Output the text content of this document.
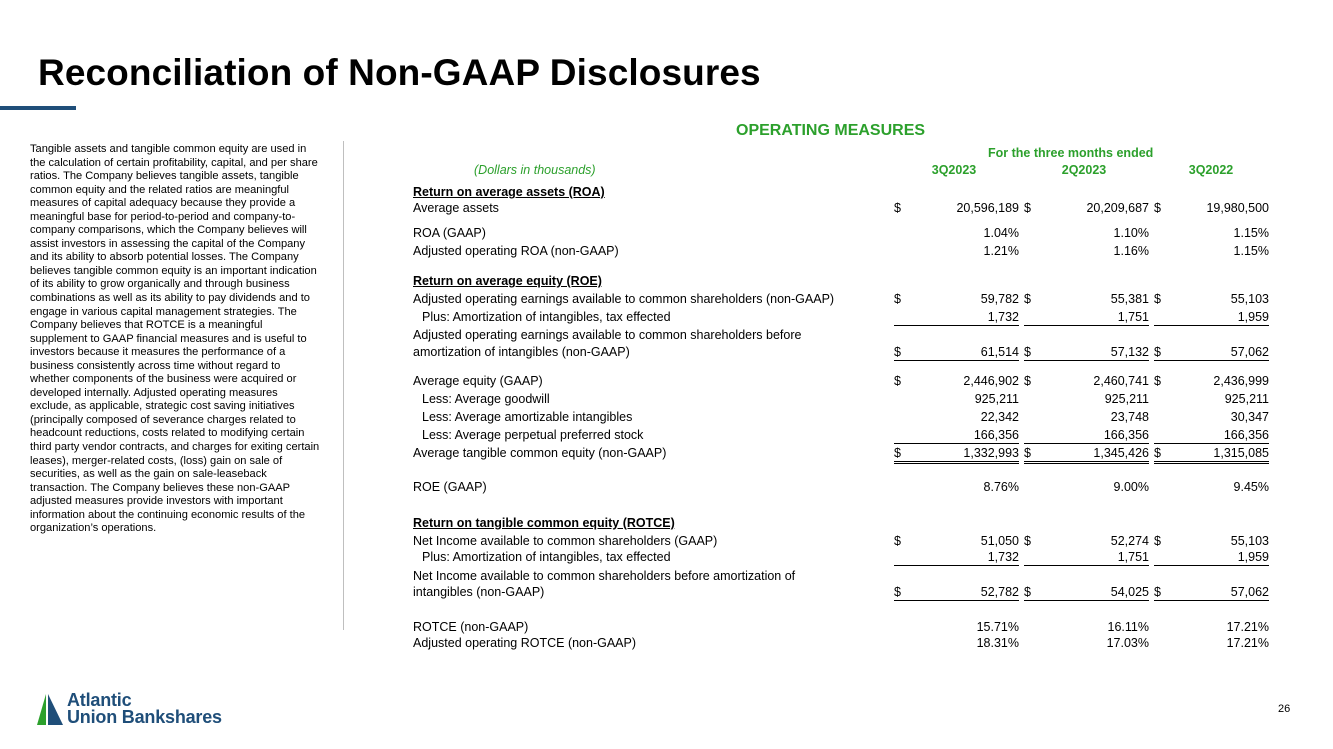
Reconciliation of Non-GAAP Disclosures
Tangible assets and tangible common equity are used in the calculation of certain profitability, capital, and per share ratios. The Company believes tangible assets, tangible common equity and the related ratios are meaningful measures of capital adequacy because they provide a meaningful base for period-to-period and company-to-company comparisons, which the Company believes will assist investors in assessing the capital of the Company and its ability to absorb potential losses. The Company believes tangible common equity is an important indication of its ability to grow organically and through business combinations as well as its ability to pay dividends and to engage in various capital management strategies. The Company believes that ROTCE is a meaningful supplement to GAAP financial measures and is useful to investors because it measures the performance of a business consistently across time without regard to whether components of the business were acquired or developed internally. Adjusted operating measures exclude, as applicable, strategic cost saving initiatives (principally composed of severance charges related to headcount reductions, costs related to modifying certain third party vendor contracts, and charges for exiting certain leases), merger-related costs, (loss) gain on sale of securities, as well as the gain on sale-leaseback transaction. The Company believes these non-GAAP adjusted measures provide investors with important information about the continuing economic results of the organization’s operations.
OPERATING MEASURES
For the three months ended
(Dollars in thousands)	3Q2023	2Q2023	3Q2022
Return on average assets (ROA)
Average assets	$	20,596,189 $	20,209,687 $	19,980,500
ROA (GAAP)	1.04%	1.10%	1.15%
Adjusted operating ROA (non-GAAP)	1.21%	1.16%	1.15%
Return on average equity (ROE)
Adjusted operating earnings available to common shareholders (non-GAAP)	$	59,782 $	55,381 $	55,103
Plus: Amortization of intangibles, tax effected	1,732	1,751	1,959
Adjusted operating earnings available to common shareholders before
amortization of intangibles (non-GAAP)	$	61,514 $	57,132 $	57,062
Average equity (GAAP)	$	2,446,902 $	2,460,741 $	2,436,999
Less: Average goodwill	925,211	925,211	925,211
Less: Average amortizable intangibles	22,342	23,748	30,347
Less: Average perpetual preferred stock	166,356	166,356	166,356
Average tangible common equity (non-GAAP)	$	1,332,993 $	1,345,426 $	1,315,085
ROE (GAAP)	8.76%	9.00%	9.45%
Return on tangible common equity (ROTCE)
Net Income available to common shareholders (GAAP)	$	51,050 $	52,274 $	55,103
Plus: Amortization of intangibles, tax effected	1,732	1,751	1,959
Net Income available to common shareholders before amortization of
intangibles (non-GAAP)	$	52,782 $	54,025 $	57,062
ROTCE (non-GAAP)	15.71%	16.11%	17.21%
Adjusted operating ROTCE (non-GAAP)	18.31%	17.03%	17.21%
Atlantic
Union Bankshares	26
